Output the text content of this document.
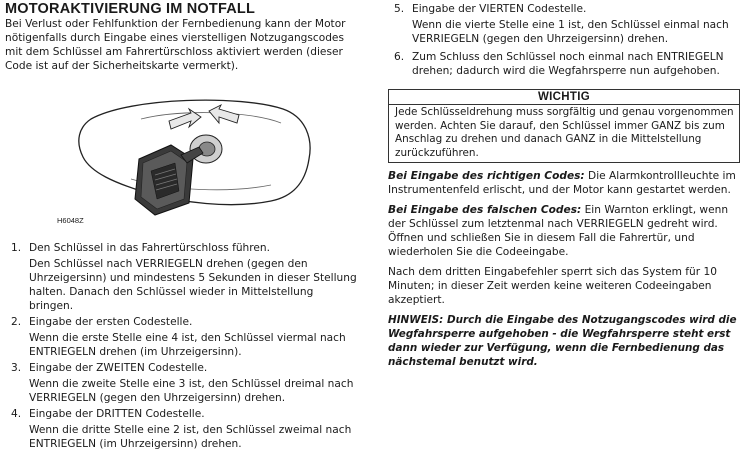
MOTORAKTIVIERUNG IM NOTFALL

Bei Verlust oder Fehlfunktion der Fernbedienung kann der Motor nötigenfalls durch Eingabe eines vierstelligen Notzugangscodes mit dem Schlüssel am Fahrertürschloss aktiviert werden (dieser Code ist auf der Sicherheitskarte vermerkt).

H6048Z
1. Den Schlüssel in das Fahrertürschloss führen.
Den Schlüssel nach VERRIEGELN drehen (gegen den Uhrzeigersinn) und mindestens 5 Sekunden in dieser Stellung halten. Danach den Schlüssel wieder in Mittelstellung bringen.
2. Eingabe der ersten Codestelle.
Wenn die erste Stelle eine 4 ist, den Schlüssel viermal nach ENTRIEGELN drehen (im Uhrzeigersinn).
3. Eingabe der ZWEITEN Codestelle.
Wenn die zweite Stelle eine 3 ist, den Schlüssel dreimal nach VERRIEGELN (gegen den Uhrzeigersinn) drehen.
4. Eingabe der DRITTEN Codestelle.
Wenn die dritte Stelle eine 2 ist, den Schlüssel zweimal nach ENTRIEGELN (im Uhrzeigersinn) drehen.
5. Eingabe der VIERTEN Codestelle.
Wenn die vierte Stelle eine 1 ist, den Schlüssel einmal nach VERRIEGELN (gegen den Uhrzeigersinn) drehen.
6. Zum Schluss den Schlüssel noch einmal nach ENTRIEGELN drehen; dadurch wird die Wegfahrsperre nun aufgehoben.
WICHTIG
Jede Schlüsseldrehung muss sorgfältig und genau vorgenommen werden. Achten Sie darauf, den Schlüssel immer GANZ bis zum Anschlag zu drehen und danach GANZ in die Mittelstellung zurückzuführen.

Bei Eingabe des richtigen Codes: Die Alarmkontrollleuchte im Instrumentenfeld erlischt, und der Motor kann gestartet werden.

Bei Eingabe des falschen Codes: Ein Warnton erklingt, wenn der Schlüssel zum letztenmal nach VERRIEGELN gedreht wird. Öffnen und schließen Sie in diesem Fall die Fahrertür, und wiederholen Sie die Codeeingabe.

Nach dem dritten Eingabefehler sperrt sich das System für 10 Minuten; in dieser Zeit werden keine weiteren Codeeingaben akzeptiert.

HINWEIS: Durch die Eingabe des Notzugangscodes wird die Wegfahrsperre aufgehoben - die Wegfahrsperre steht erst dann wieder zur Verfügung, wenn die Fernbedienung das nächstemal benutzt wird.
